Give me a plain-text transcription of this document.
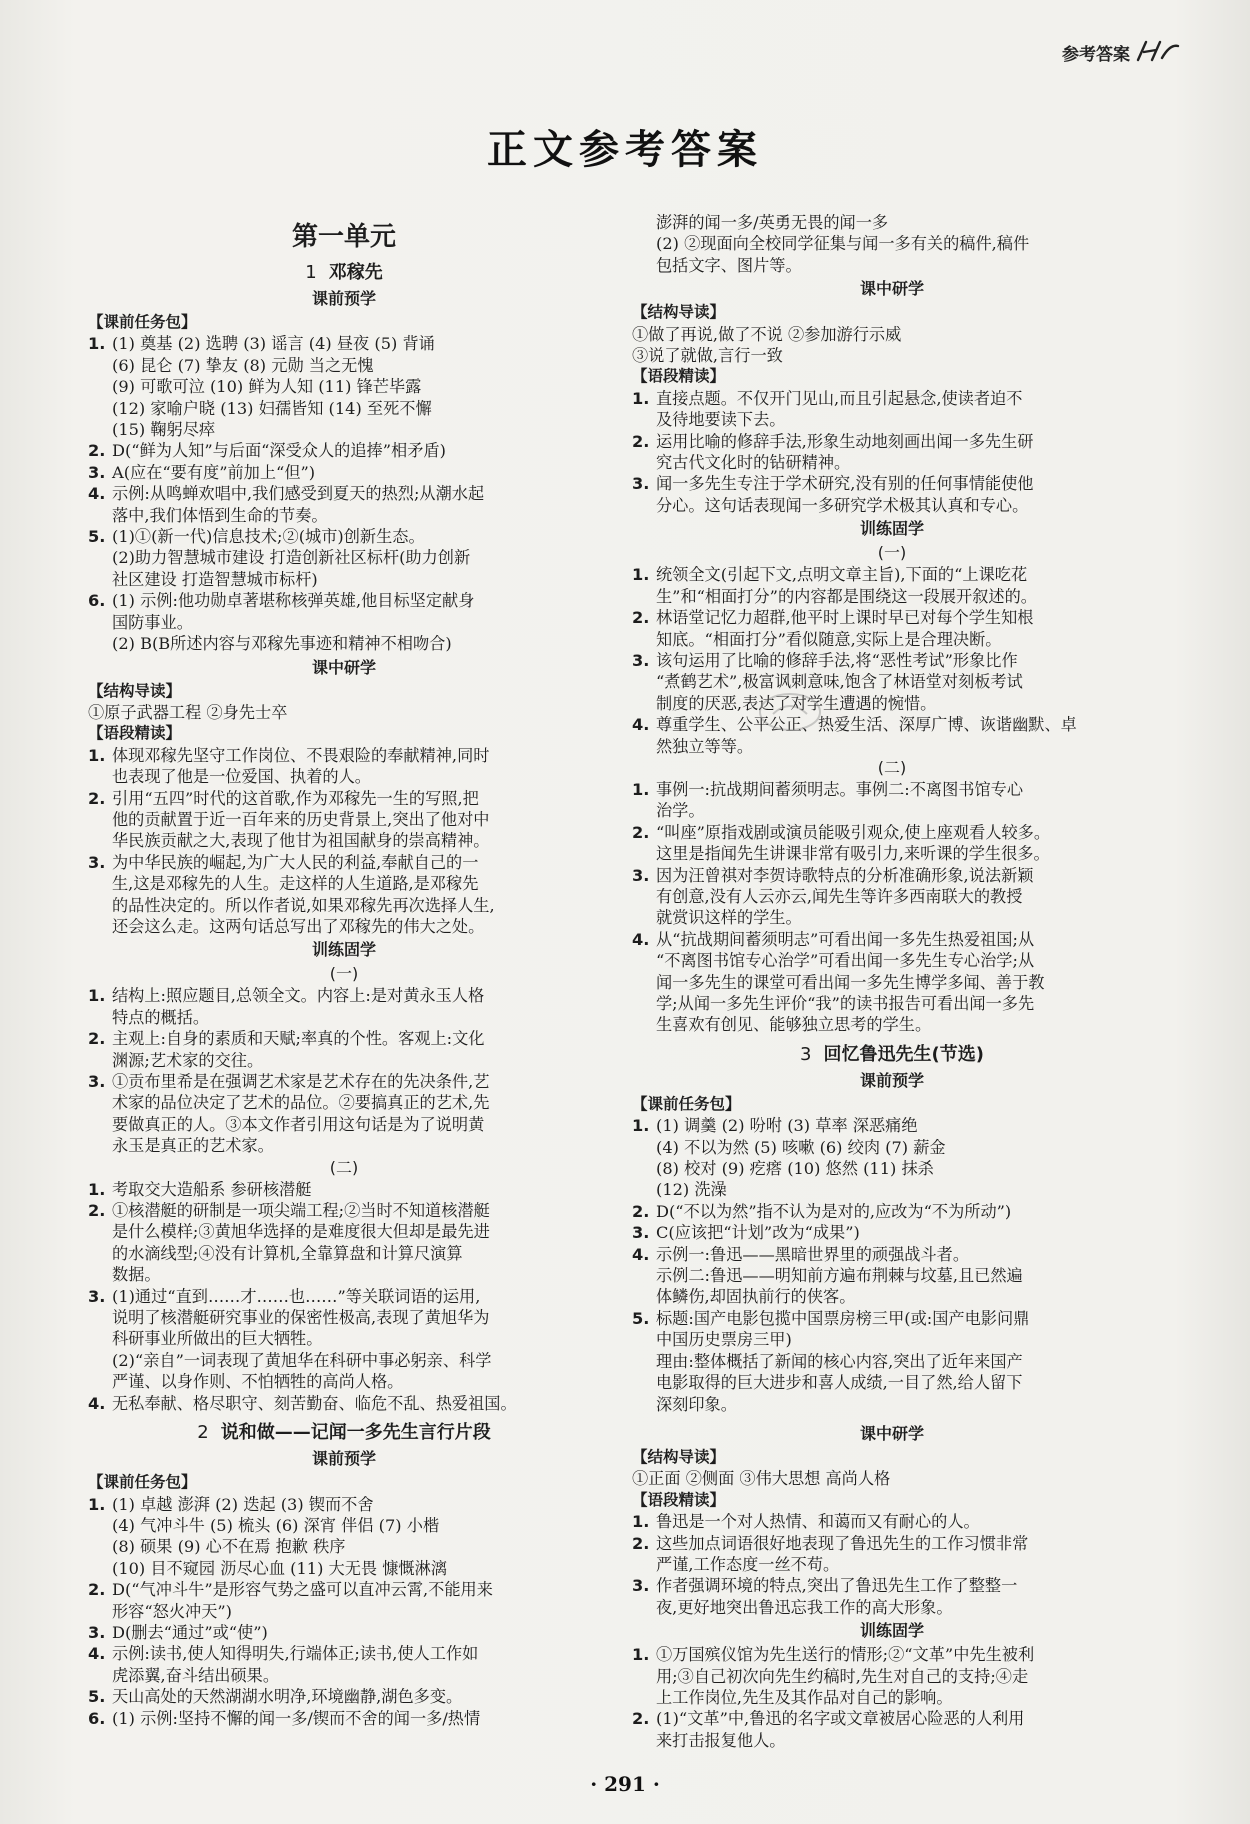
参考答案
正文参考答案
第一单元
1 邓稼先
课前预学
【课前任务包】
1. (1) 奠基 (2) 选聘 (3) 谣言 (4) 昼夜 (5) 背诵
(6) 昆仑 (7) 挚友 (8) 元勋 当之无愧
(9) 可歌可泣 (10) 鲜为人知 (11) 锋芒毕露
(12) 家喻户晓 (13) 妇孺皆知 (14) 至死不懈
(15) 鞠躬尽瘁
2. D(“鲜为人知”与后面“深受众人的追捧”相矛盾)
3. A(应在“要有度”前加上“但”)
4. 示例:从鸣蝉欢唱中,我们感受到夏天的热烈;从潮水起
落中,我们体悟到生命的节奏。
5. (1)①(新一代)信息技术;②(城市)创新生态。
(2)助力智慧城市建设 打造创新社区标杆(助力创新
社区建设 打造智慧城市标杆)
6. (1) 示例:他功勋卓著堪称核弹英雄,他目标坚定献身
国防事业。
(2) B(B所述内容与邓稼先事迹和精神不相吻合)
课中研学
【结构导读】
①原子武器工程 ②身先士卒
【语段精读】
1. 体现邓稼先坚守工作岗位、不畏艰险的奉献精神,同时
也表现了他是一位爱国、执着的人。
2. 引用“五四”时代的这首歌,作为邓稼先一生的写照,把
他的贡献置于近一百年来的历史背景上,突出了他对中
华民族贡献之大,表现了他甘为祖国献身的崇高精神。
3. 为中华民族的崛起,为广大人民的利益,奉献自己的一
生,这是邓稼先的人生。走这样的人生道路,是邓稼先
的品性决定的。所以作者说,如果邓稼先再次选择人生,
还会这么走。这两句话总写出了邓稼先的伟大之处。
训练固学
(一)
1. 结构上:照应题目,总领全文。内容上:是对黄永玉人格
特点的概括。
2. 主观上:自身的素质和天赋;率真的个性。客观上:文化
渊源;艺术家的交往。
3. ①贡布里希是在强调艺术家是艺术存在的先决条件,艺
术家的品位决定了艺术的品位。②要搞真正的艺术,先
要做真正的人。③本文作者引用这句话是为了说明黄
永玉是真正的艺术家。
(二)
1. 考取交大造船系 参研核潜艇
2. ①核潜艇的研制是一项尖端工程;②当时不知道核潜艇
是什么模样;③黄旭华选择的是难度很大但却是最先进
的水滴线型;④没有计算机,全靠算盘和计算尺演算
数据。
3. (1)通过“直到……才……也……”等关联词语的运用,
说明了核潜艇研究事业的保密性极高,表现了黄旭华为
科研事业所做出的巨大牺牲。
(2)“亲自”一词表现了黄旭华在科研中事必躬亲、科学
严谨、以身作则、不怕牺牲的高尚人格。
4. 无私奉献、格尽职守、刻苦勤奋、临危不乱、热爱祖国。
2 说和做——记闻一多先生言行片段
课前预学
【课前任务包】
1. (1) 卓越 澎湃 (2) 迭起 (3) 锲而不舍
(4) 气冲斗牛 (5) 梳头 (6) 深宵 伴侣 (7) 小楷
(8) 硕果 (9) 心不在焉 抱歉 秩序
(10) 目不窥园 沥尽心血 (11) 大无畏 慷慨淋漓
2. D(“气冲斗牛”是形容气势之盛可以直冲云霄,不能用来
形容“怒火冲天”)
3. D(删去“通过”或“使”)
4. 示例:读书,使人知得明失,行端体正;读书,使人工作如
虎添翼,奋斗结出硕果。
5. 天山高处的天然湖湖水明净,环境幽静,湖色多变。
6. (1) 示例:坚持不懈的闻一多/锲而不舍的闻一多/热情
澎湃的闻一多/英勇无畏的闻一多
(2) ②现面向全校同学征集与闻一多有关的稿件,稿件
包括文字、图片等。
课中研学
【结构导读】
①做了再说,做了不说 ②参加游行示威
③说了就做,言行一致
【语段精读】
1. 直接点题。不仅开门见山,而且引起悬念,使读者迫不
及待地要读下去。
2. 运用比喻的修辞手法,形象生动地刻画出闻一多先生研
究古代文化时的钻研精神。
3. 闻一多先生专注于学术研究,没有别的任何事情能使他
分心。这句话表现闻一多研究学术极其认真和专心。
训练固学
(一)
1. 统领全文(引起下文,点明文章主旨),下面的“上课吃花
生”和“相面打分”的内容都是围绕这一段展开叙述的。
2. 林语堂记忆力超群,他平时上课时早已对每个学生知根
知底。“相面打分”看似随意,实际上是合理决断。
3. 该句运用了比喻的修辞手法,将“恶性考试”形象比作
“煮鹤艺术”,极富讽刺意味,饱含了林语堂对刻板考试
制度的厌恶,表达了对学生遭遇的惋惜。
4. 尊重学生、公平公正、热爱生活、深厚广博、诙谐幽默、卓
然独立等等。
(二)
1. 事例一:抗战期间蓄须明志。事例二:不离图书馆专心
治学。
2. “叫座”原指戏剧或演员能吸引观众,使上座观看人较多。
这里是指闻先生讲课非常有吸引力,来听课的学生很多。
3. 因为汪曾祺对李贺诗歌特点的分析准确形象,说法新颖
有创意,没有人云亦云,闻先生等许多西南联大的教授
就赏识这样的学生。
4. 从“抗战期间蓄须明志”可看出闻一多先生热爱祖国;从
“不离图书馆专心治学”可看出闻一多先生专心治学;从
闻一多先生的课堂可看出闻一多先生博学多闻、善于教
学;从闻一多先生评价“我”的读书报告可看出闻一多先
生喜欢有创见、能够独立思考的学生。
3 回忆鲁迅先生(节选)
课前预学
【课前任务包】
1. (1) 调羹 (2) 吩咐 (3) 草率 深恶痛绝
(4) 不以为然 (5) 咳嗽 (6) 绞肉 (7) 薪金
(8) 校对 (9) 疙瘩 (10) 悠然 (11) 抹杀
(12) 洗澡
2. D(“不以为然”指不认为是对的,应改为“不为所动”)
3. C(应该把“计划”改为“成果”)
4. 示例一:鲁迅——黑暗世界里的顽强战斗者。
示例二:鲁迅——明知前方遍布荆棘与坟墓,且已然遍
体鳞伤,却固执前行的侠客。
5. 标题:国产电影包揽中国票房榜三甲(或:国产电影问鼎
中国历史票房三甲)
理由:整体概括了新闻的核心内容,突出了近年来国产
电影取得的巨大进步和喜人成绩,一目了然,给人留下
深刻印象。
课中研学
【结构导读】
①正面 ②侧面 ③伟大思想 高尚人格
【语段精读】
1. 鲁迅是一个对人热情、和蔼而又有耐心的人。
2. 这些加点词语很好地表现了鲁迅先生的工作习惯非常
严谨,工作态度一丝不苟。
3. 作者强调环境的特点,突出了鲁迅先生工作了整整一
夜,更好地突出鲁迅忘我工作的高大形象。
训练固学
1. ①万国殡仪馆为先生送行的情形;②“文革”中先生被利
用;③自己初次向先生约稿时,先生对自己的支持;④走
上工作岗位,先生及其作品对自己的影响。
2. (1)“文革”中,鲁迅的名字或文章被居心险恶的人利用
来打击报复他人。
· 291 ·
